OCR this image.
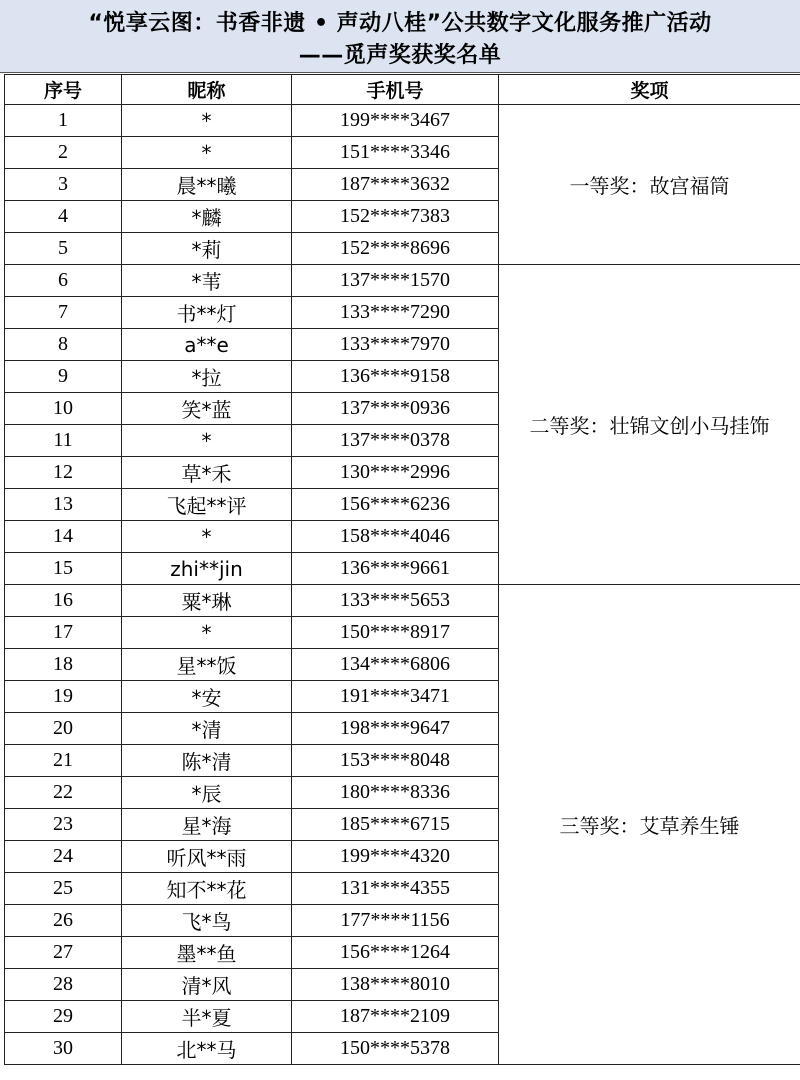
“悦享云图：书香非遗 • 声动八桂”公共数字文化服务推广活动
——觅声奖获奖名单
序号	昵称	手机号	奖项
1	*	199****3467	一等奖：故宫福筒
2	*	151****3346	
3	晨**曦	187****3632	
4	*麟	152****7383	
5	*莉	152****8696	
6	*苇	137****1570	二等奖：壮锦文创小马挂饰
7	书**灯	133****7290	
8	a**e	133****7970	
9	*拉	136****9158	
10	笑*蓝	137****0936	
11	*	137****0378	
12	草*禾	130****2996	
13	飞起**评	156****6236	
14	*	158****4046	
15	zhi**jin	136****9661	
16	粟*琳	133****5653	三等奖：艾草养生锤
17	*	150****8917	
18	星**饭	134****6806	
19	*安	191****3471	
20	*清	198****9647	
21	陈*清	153****8048	
22	*辰	180****8336	
23	星*海	185****6715	
24	听风**雨	199****4320	
25	知不**花	131****4355	
26	飞*鸟	177****1156	
27	墨**鱼	156****1264	
28	清*风	138****8010	
29	半*夏	187****2109	
30	北**马	150****5378	
